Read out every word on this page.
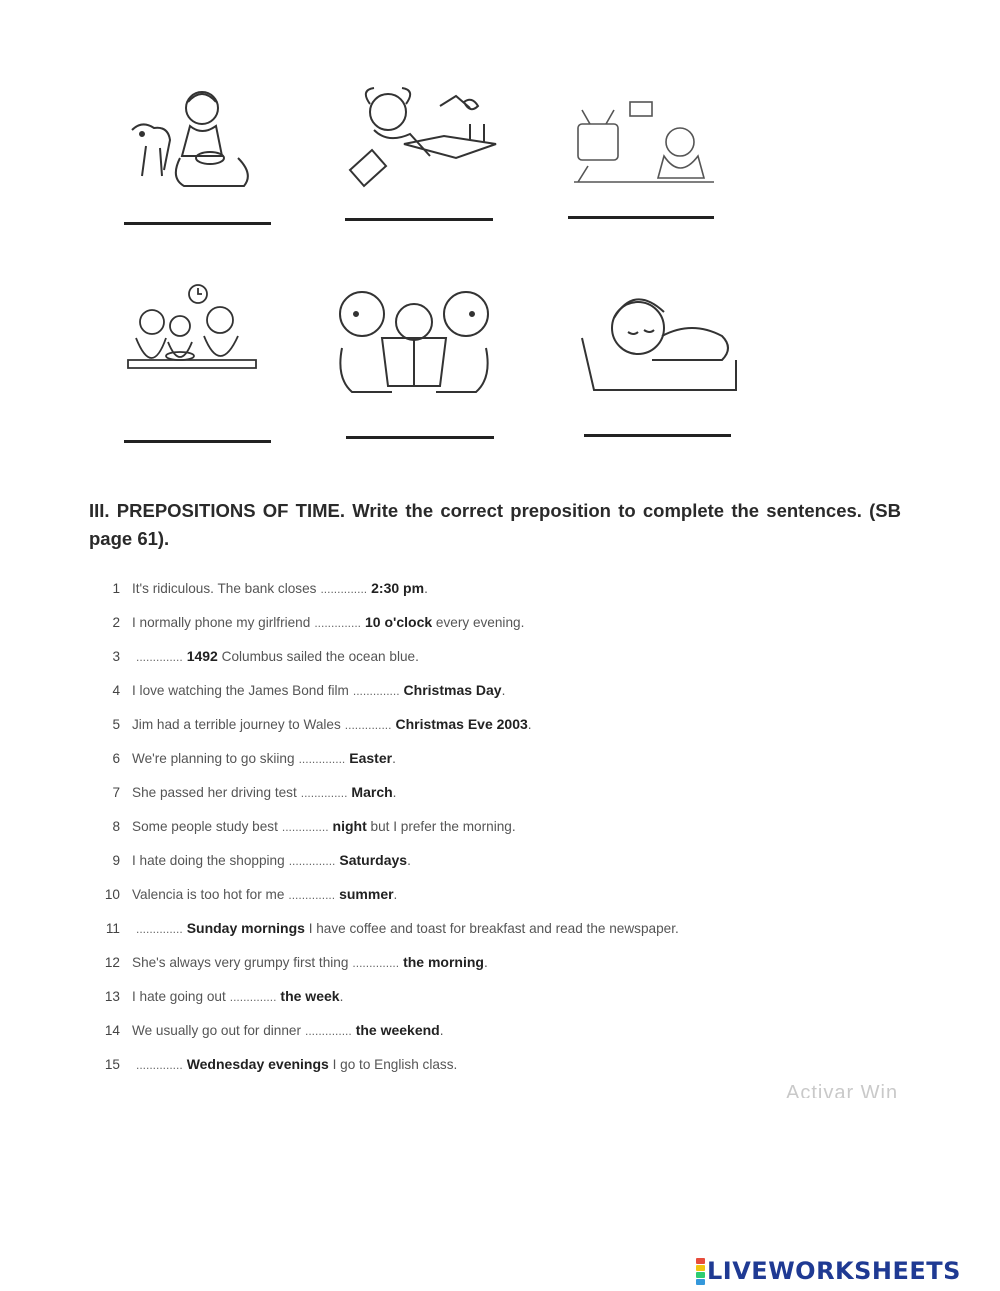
III. PREPOSITIONS OF TIME. Write the correct preposition to complete the sentences. (SB page 61).
1 It's ridiculous. The bank closes .............. 2:30 pm .
2 I normally phone my girlfriend .............. 10 o'clock every evening.
3 .............. 1492 Columbus sailed the ocean blue.
4 I love watching the James Bond film .............. Christmas Day .
5 Jim had a terrible journey to Wales .............. Christmas Eve 2003 .
6 We're planning to go skiing .............. Easter .
7 She passed her driving test .............. March .
8 Some people study best .............. night but I prefer the morning.
9 I hate doing the shopping .............. Saturdays .
10 Valencia is too hot for me .............. summer .
11 .............. Sunday mornings I have coffee and toast for breakfast and read the newspaper.
12 She's always very grumpy first thing .............. the morning .
13 I hate going out .............. the week .
14 We usually go out for dinner .............. the weekend .
15 .............. Wednesday evenings I go to English class.
Activar Win
LIVEWORKSHEETS
